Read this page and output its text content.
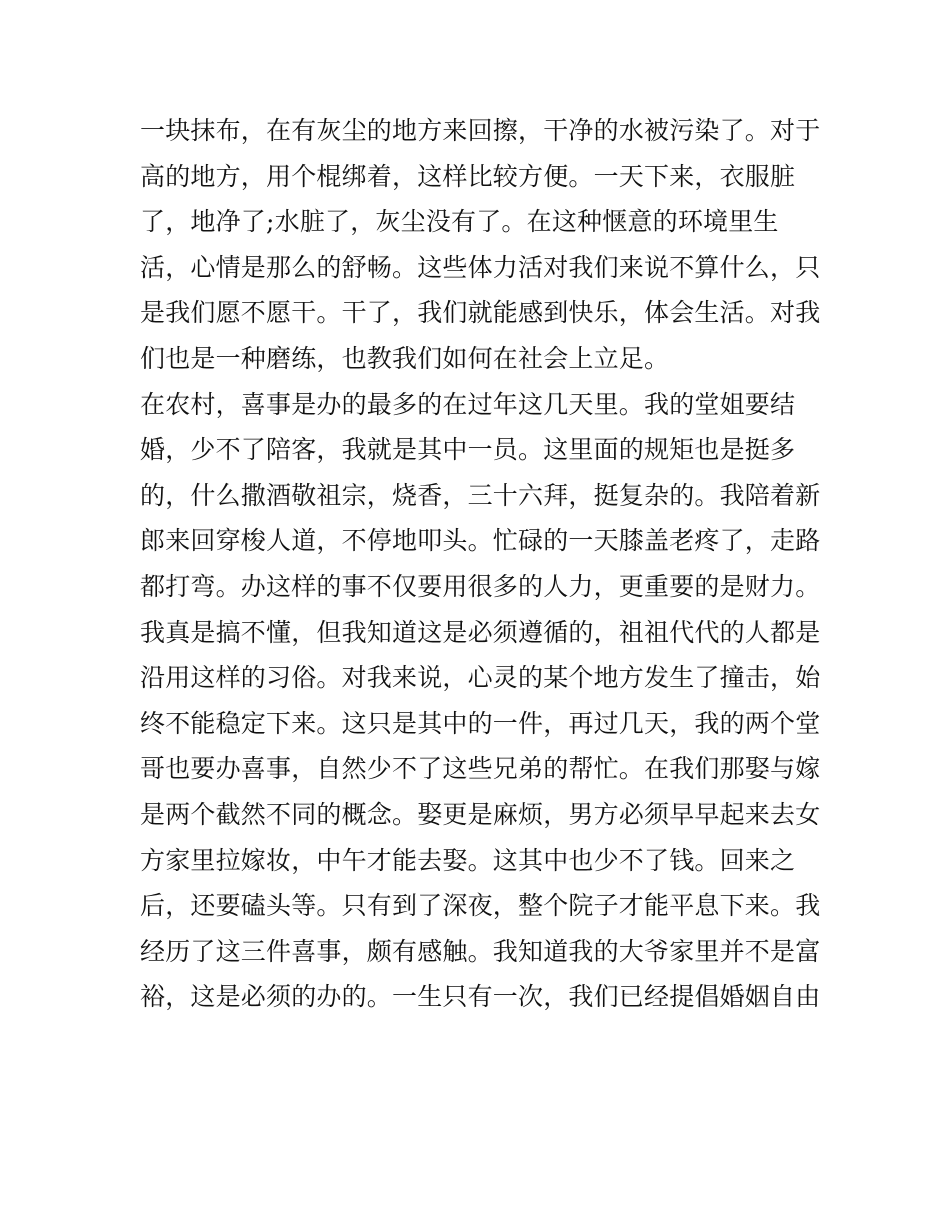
一块抹布，在有灰尘的地方来回擦，干净的水被污染了。对于
高的地方，用个棍绑着，这样比较方便。一天下来，衣服脏
了，地净了;水脏了，灰尘没有了。在这种惬意的环境里生
活，心情是那么的舒畅。这些体力活对我们来说不算什么，只
是我们愿不愿干。干了，我们就能感到快乐，体会生活。对我
们也是一种磨练，也教我们如何在社会上立足。
在农村，喜事是办的最多的在过年这几天里。我的堂姐要结
婚，少不了陪客，我就是其中一员。这里面的规矩也是挺多
的，什么撒酒敬祖宗，烧香，三十六拜，挺复杂的。我陪着新
郎来回穿梭人道，不停地叩头。忙碌的一天膝盖老疼了，走路
都打弯。办这样的事不仅要用很多的人力，更重要的是财力。
我真是搞不懂，但我知道这是必须遵循的，祖祖代代的人都是
沿用这样的习俗。对我来说，心灵的某个地方发生了撞击，始
终不能稳定下来。这只是其中的一件，再过几天，我的两个堂
哥也要办喜事，自然少不了这些兄弟的帮忙。在我们那娶与嫁
是两个截然不同的概念。娶更是麻烦，男方必须早早起来去女
方家里拉嫁妆，中午才能去娶。这其中也少不了钱。回来之
后，还要磕头等。只有到了深夜，整个院子才能平息下来。我
经历了这三件喜事，颇有感触。我知道我的大爷家里并不是富
裕，这是必须的办的。一生只有一次，我们已经提倡婚姻自由
